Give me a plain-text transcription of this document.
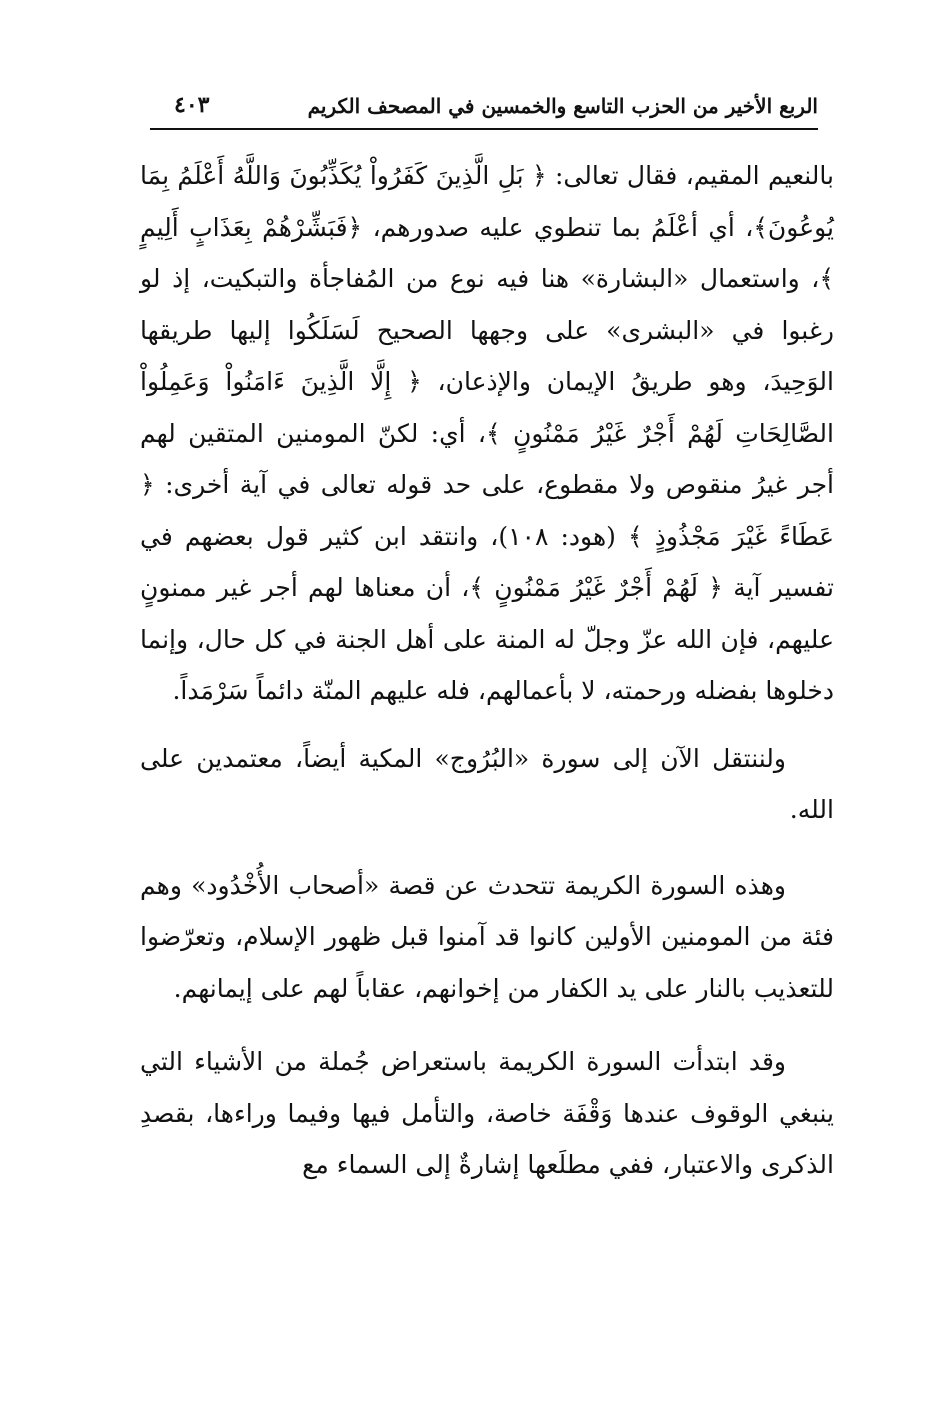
الربع الأخير من الحزب التاسع والخمسين في المصحف الكريم
٤٠٣

بالنعيم المقيم، فقال تعالى: ﴿ بَلِ الَّذِينَ كَفَرُواْ يُكَذِّبُونَ وَاللَّهُ أَعْلَمُ بِمَا يُوعُونَ﴾، أي أعْلَمُ بما تنطوي عليه صدورهم، ﴿فَبَشِّرْهُمْ بِعَذَابٍ أَلِيمٍ ﴾، واستعمال «البشارة» هنا فيه نوع من المُفاجأة والتبكيت، إذ لو رغبوا في «البشرى» على وجهها الصحيح لَسَلَكُوا إليها طريقها الوَحِيدَ، وهو طريقُ الإيمان والإذعان، ﴿ إِلَّا الَّذِينَ ءَامَنُواْ وَعَمِلُواْ الصَّالِحَاتِ لَهُمْ أَجْرٌ غَيْرُ مَمْنُونٍ ﴾، أي: لكنّ المومنين المتقين لهم أجر غيرُ منقوص ولا مقطوع، على حد قوله تعالى في آية أخرى: ﴿ عَطَاءً غَيْرَ مَجْذُوذٍ ﴾ (هود: ١٠٨)، وانتقد ابن كثير قول بعضهم في تفسير آية ﴿ لَهُمْ أَجْرٌ غَيْرُ مَمْنُونٍ ﴾، أن معناها لهم أجر غير ممنونٍ عليهم، فإن الله عزّ وجلّ له المنة على أهل الجنة في كل حال، وإنما دخلوها بفضله ورحمته، لا بأعمالهم، فله عليهم المنّة دائماً سَرْمَداً.

ولننتقل الآن إلى سورة «البُرُوج» المكية أيضاً، معتمدين على الله.

وهذه السورة الكريمة تتحدث عن قصة «أصحاب الأُخْدُود» وهم فئة من المومنين الأولين كانوا قد آمنوا قبل ظهور الإسلام، وتعرّضوا للتعذيب بالنار على يد الكفار من إخوانهم، عقاباً لهم على إيمانهم.

وقد ابتدأت السورة الكريمة باستعراض جُملة من الأشياء التي ينبغي الوقوف عندها وَقْفَة خاصة، والتأمل فيها وفيما وراءها، بقصدِ الذكرى والاعتبار، ففي مطلَعها إشارةٌ إلى السماء مع
